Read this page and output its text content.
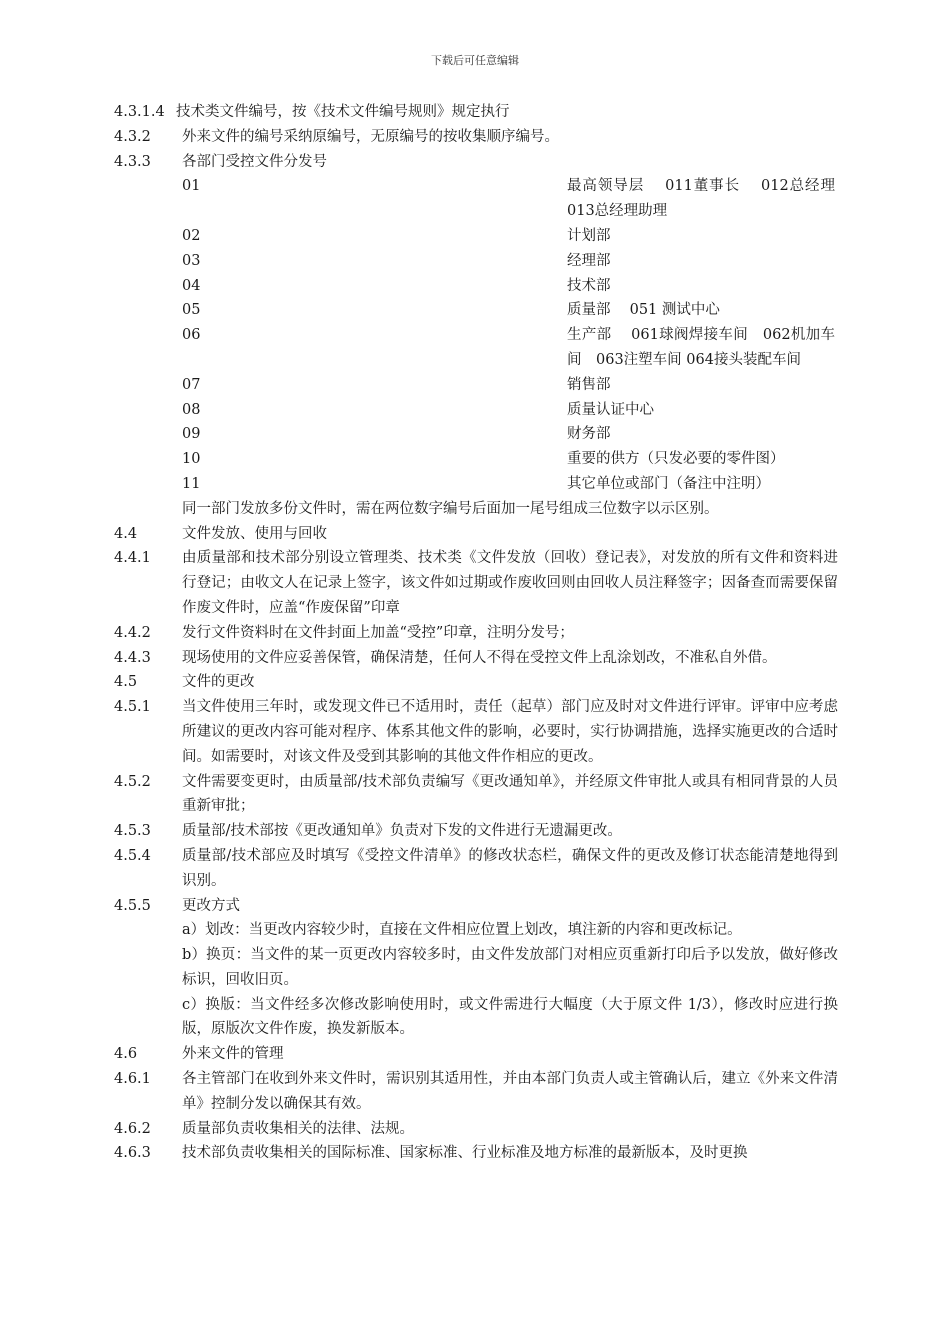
下载后可任意编辑
4.3.1.4 技术类文件编号，按《技术文件编号规则》规定执行
4.3.2	外来文件的编号采纳原编号，无原编号的按收集顺序编号。
4.3.3	各部门受控文件分发号
01	最高领导层　 011董事长　 012总经理　 013总经理助理
02	计划部
03	经理部
04	技术部
05	质量部　 051 测试中心
06	生产部　 061球阀焊接车间　062机加车间　063注塑车间 064接头装配车间
07	销售部
08	质量认证中心
09	财务部
10	重要的供方（只发必要的零件图）
11	其它单位或部门（备注中注明）
同一部门发放多份文件时，需在两位数字编号后面加一尾号组成三位数字以示区别。
4.4	文件发放、使用与回收
4.4.1	由质量部和技术部分别设立管理类、技术类《文件发放（回收）登记表》，对发放的所有文件和资料进行登记；由收文人在记录上签字，该文件如过期或作废收回则由回收人员注释签字；因备查而需要保留作废文件时，应盖“作废保留”印章
4.4.2	发行文件资料时在文件封面上加盖“受控”印章，注明分发号；
4.4.3	现场使用的文件应妥善保管，确保清楚，任何人不得在受控文件上乱涂划改，不准私自外借。
4.5	文件的更改
4.5.1	当文件使用三年时，或发现文件已不适用时，责任（起草）部门应及时对文件进行评审。评审中应考虑所建议的更改内容可能对程序、体系其他文件的影响，必要时，实行协调措施，选择实施更改的合适时间。如需要时，对该文件及受到其影响的其他文件作相应的更改。
4.5.2	文件需要变更时，由质量部/技术部负责编写《更改通知单》，并经原文件审批人或具有相同背景的人员重新审批；
4.5.3	质量部/技术部按《更改通知单》负责对下发的文件进行无遗漏更改。
4.5.4	质量部/技术部应及时填写《受控文件清单》的修改状态栏，确保文件的更改及修订状态能清楚地得到识别。
4.5.5	更改方式
a）划改：当更改内容较少时，直接在文件相应位置上划改，填注新的内容和更改标记。
b）换页：当文件的某一页更改内容较多时，由文件发放部门对相应页重新打印后予以发放，做好修改标识，回收旧页。
c）换版：当文件经多次修改影响使用时，或文件需进行大幅度（大于原文件 1/3），修改时应进行换版，原版次文件作废，换发新版本。
4.6	外来文件的管理
4.6.1	各主管部门在收到外来文件时，需识别其适用性，并由本部门负责人或主管确认后，建立《外来文件清单》控制分发以确保其有效。
4.6.2	质量部负责收集相关的法律、法规。
4.6.3	技术部负责收集相关的国际标准、国家标准、行业标准及地方标准的最新版本，及时更换
